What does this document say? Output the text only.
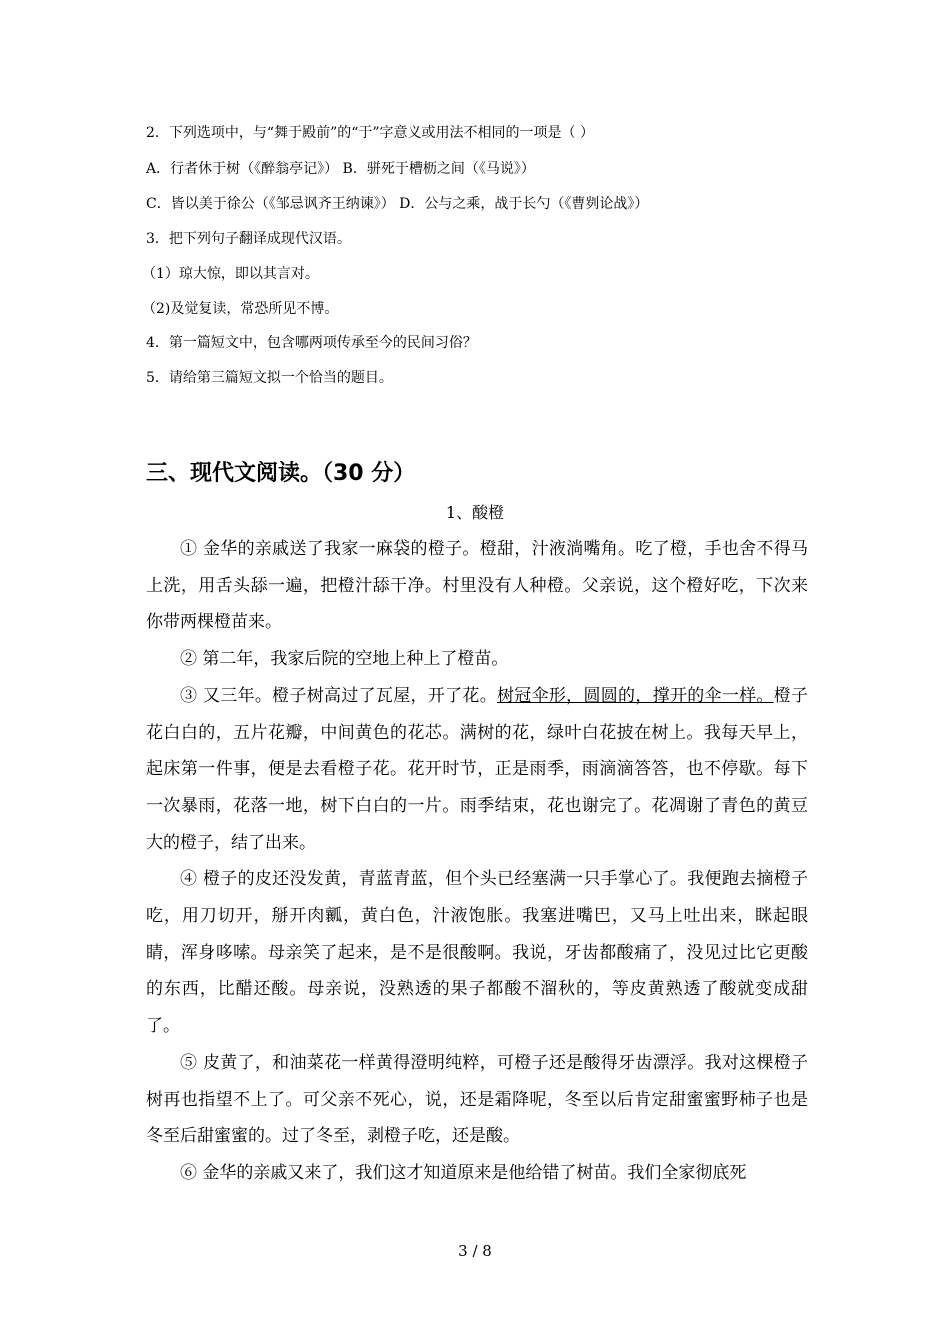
2．下列选项中，与“舞于殿前”的“于”字意义或用法不相同的一项是（ ）
A．行者休于树（《醉翁亭记》） B．骈死于槽枥之间（《马说》）
C．皆以美于徐公（《邹忌讽齐王纳谏》） D．公与之乘，战于长勺（《曹刿论战》）
3．把下列句子翻译成现代汉语。
（1）琼大惊，即以其言对。
（2)及觉复读，常恐所见不博。
4．第一篇短文中，包含哪两项传承至今的民间习俗？
5．请给第三篇短文拟一个恰当的题目。
三、现代文阅读。（30 分）
1、酸橙

① 金华的亲戚送了我家一麻袋的橙子。橙甜，汁液淌嘴角。吃了橙，手也舍不得马上洗，用舌头舔一遍，把橙汁舔干净。村里没有人种橙。父亲说，这个橙好吃，下次来你带两棵橙苗来。

② 第二年，我家后院的空地上种上了橙苗。

③ 又三年。橙子树高过了瓦屋，开了花。树冠伞形，圆圆的，撑开的伞一样。橙子花白白的，五片花瓣，中间黄色的花芯。满树的花，绿叶白花披在树上。我每天早上，起床第一件事，便是去看橙子花。花开时节，正是雨季，雨滴滴答答，也不停歇。每下一次暴雨，花落一地，树下白白的一片。雨季结束，花也谢完了。花凋谢了青色的黄豆大的橙子，结了出来。

④ 橙子的皮还没发黄，青蓝青蓝，但个头已经塞满一只手掌心了。我便跑去摘橙子吃，用刀切开，掰开肉瓤，黄白色，汁液饱胀。我塞进嘴巴，又马上吐出来，眯起眼睛，浑身哆嗦。母亲笑了起来，是不是很酸啊。我说，牙齿都酸痛了，没见过比它更酸的东西，比醋还酸。母亲说，没熟透的果子都酸不溜秋的，等皮黄熟透了酸就变成甜了。

⑤ 皮黄了，和油菜花一样黄得澄明纯粹，可橙子还是酸得牙齿漂浮。我对这棵橙子树再也指望不上了。可父亲不死心，说，还是霜降呢，冬至以后肯定甜蜜蜜野柿子也是冬至后甜蜜蜜的。过了冬至，剥橙子吃，还是酸。

⑥ 金华的亲戚又来了，我们这才知道原来是他给错了树苗。我们全家彻底死

3 / 8
